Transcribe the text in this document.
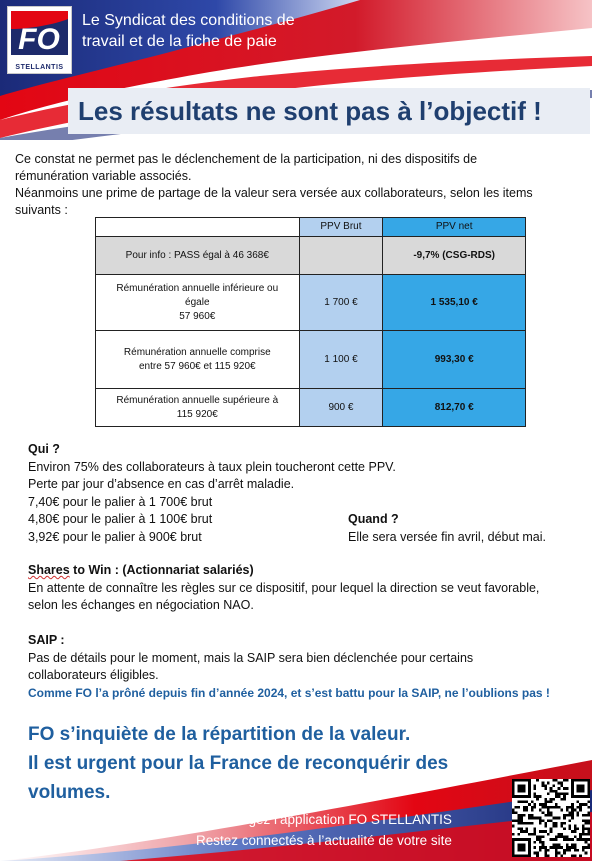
FO
STELLANTIS
Le Syndicat des conditions de
travail et de la fiche de paie
Les résultats ne sont pas à l’objectif !
Ce constat ne permet pas le déclenchement de la participation, ni des dispositifs de
rémunération variable associés.
Néanmoins une prime de partage de la valeur sera versée aux collaborateurs, selon les items
suivants :
	PPV Brut	PPV net
Pour info : PASS égal à 46 368€		-9,7% (CSG-RDS)

Rémunération annuelle inférieure ou
égale
57 960€	1 700 €	1 535,10 €

Rémunération annuelle comprise
entre 57 960€ et 115 920€	1 100 €	993,30 €

Rémunération annuelle supérieure à
115 920€	900 €	812,70 €
Qui ?
Environ 75% des collaborateurs à taux plein toucheront cette PPV.
Perte par jour d’absence en cas d’arrêt maladie.
7,40€ pour le palier à 1 700€ brut
4,80€ pour le palier à 1 100€ brut
3,92€ pour le palier à 900€ brut
Quand ?
Elle sera versée fin avril, début mai.
Shares to Win : (Actionnariat salariés)
En attente de connaître les règles sur ce dispositif, pour lequel la direction se veut favorable,
selon les échanges en négociation NAO.
SAIP :
Pas de détails pour le moment, mais la SAIP sera bien déclenchée pour certains
collaborateurs éligibles.
Comme FO l’a prôné depuis fin d’année 2024, et s’est battu pour la SAIP, ne l’oublions pas !
FO s’inquiète de la répartition de la valeur.
Il est urgent pour la France de reconquérir des
volumes.
Téléchargez l’application FO STELLANTIS
Restez connectés à l’actualité de votre site
